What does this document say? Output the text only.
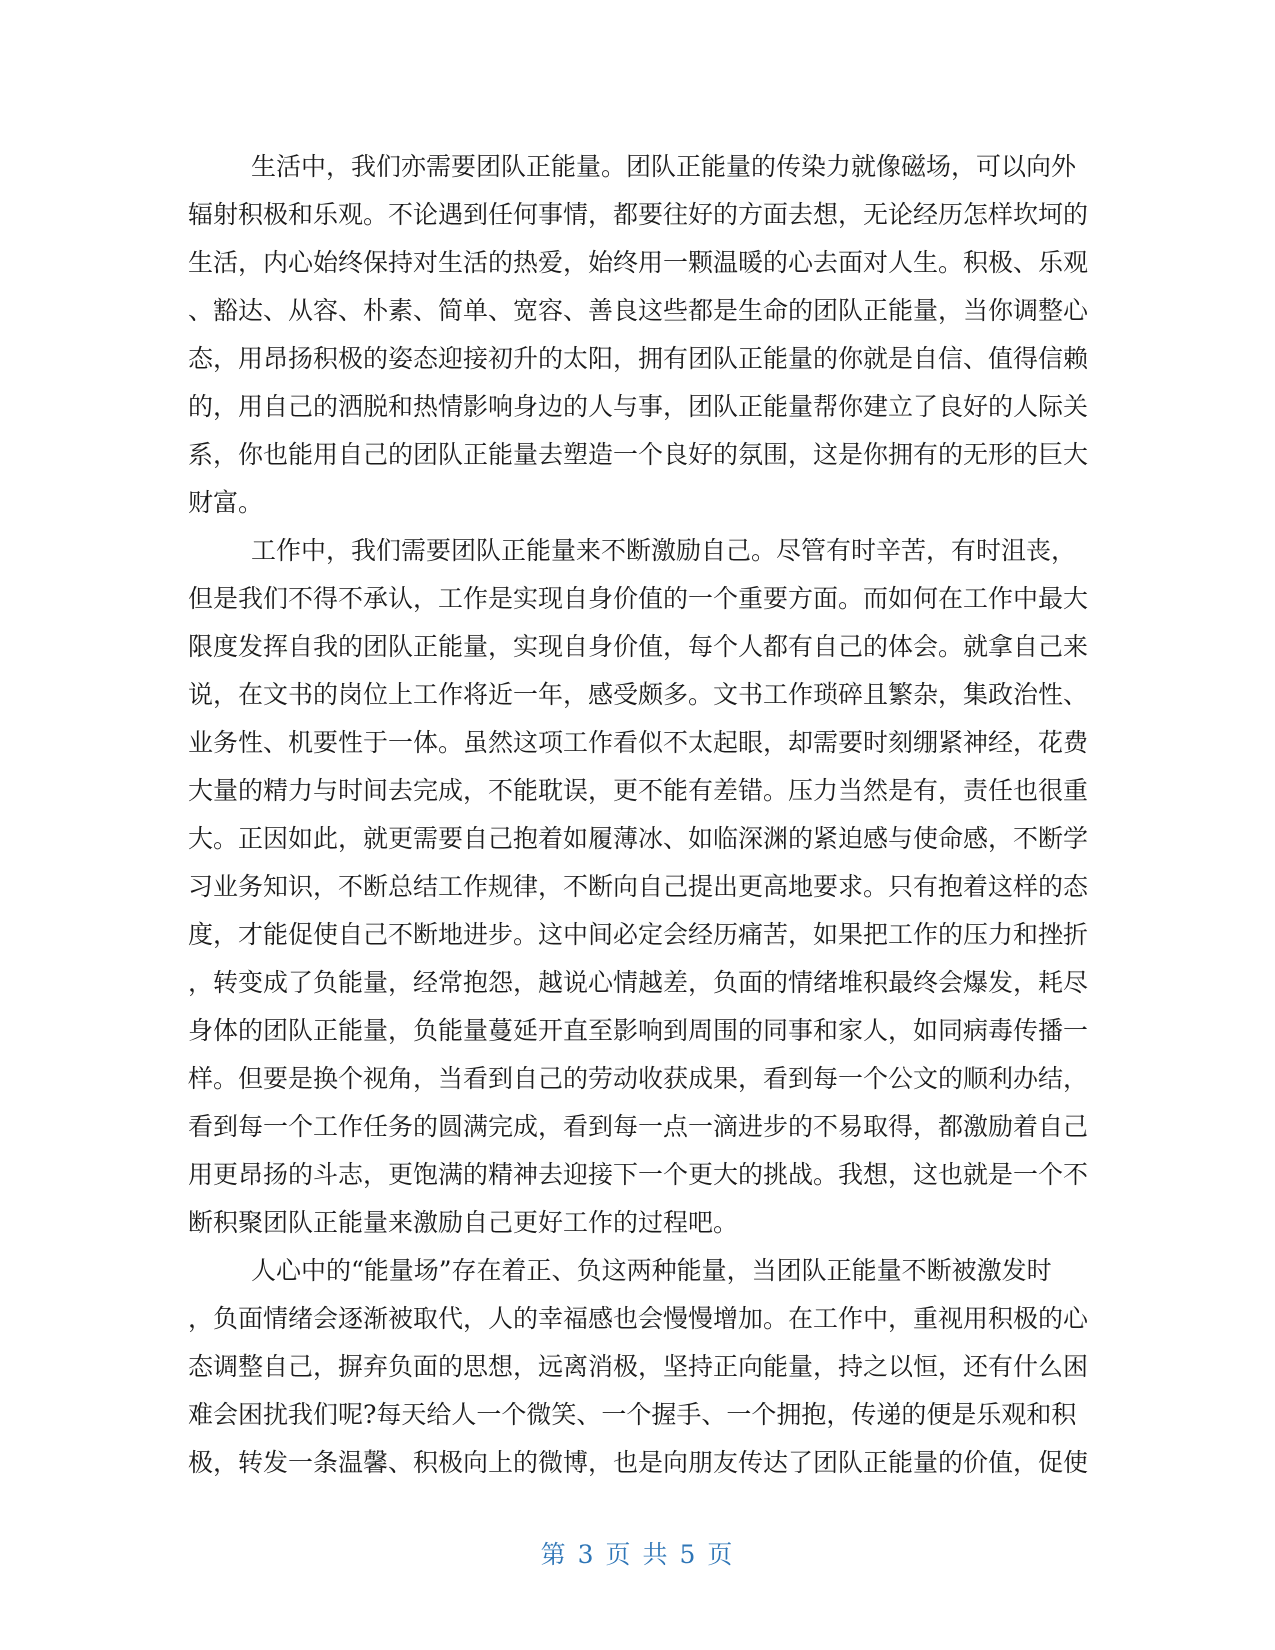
生活中，我们亦需要团队正能量。团队正能量的传染力就像磁场，可以向外
辐射积极和乐观。不论遇到任何事情，都要往好的方面去想，无论经历怎样坎坷的
生活，内心始终保持对生活的热爱，始终用一颗温暖的心去面对人生。积极、乐观
、豁达、从容、朴素、简单、宽容、善良这些都是生命的团队正能量，当你调整心
态，用昂扬积极的姿态迎接初升的太阳，拥有团队正能量的你就是自信、值得信赖
的，用自己的洒脱和热情影响身边的人与事，团队正能量帮你建立了良好的人际关
系，你也能用自己的团队正能量去塑造一个良好的氛围，这是你拥有的无形的巨大
财富。
工作中，我们需要团队正能量来不断激励自己。尽管有时辛苦，有时沮丧，
但是我们不得不承认，工作是实现自身价值的一个重要方面。而如何在工作中最大
限度发挥自我的团队正能量，实现自身价值，每个人都有自己的体会。就拿自己来
说，在文书的岗位上工作将近一年，感受颇多。文书工作琐碎且繁杂，集政治性、
业务性、机要性于一体。虽然这项工作看似不太起眼，却需要时刻绷紧神经，花费
大量的精力与时间去完成，不能耽误，更不能有差错。压力当然是有，责任也很重
大。正因如此，就更需要自己抱着如履薄冰、如临深渊的紧迫感与使命感，不断学
习业务知识，不断总结工作规律，不断向自己提出更高地要求。只有抱着这样的态
度，才能促使自己不断地进步。这中间必定会经历痛苦，如果把工作的压力和挫折
，转变成了负能量，经常抱怨，越说心情越差，负面的情绪堆积最终会爆发，耗尽
身体的团队正能量，负能量蔓延开直至影响到周围的同事和家人，如同病毒传播一
样。但要是换个视角，当看到自己的劳动收获成果，看到每一个公文的顺利办结，
看到每一个工作任务的圆满完成，看到每一点一滴进步的不易取得，都激励着自己
用更昂扬的斗志，更饱满的精神去迎接下一个更大的挑战。我想，这也就是一个不
断积聚团队正能量来激励自己更好工作的过程吧。
人心中的“能量场”存在着正、负这两种能量，当团队正能量不断被激发时
，负面情绪会逐渐被取代，人的幸福感也会慢慢增加。在工作中，重视用积极的心
态调整自己，摒弃负面的思想，远离消极，坚持正向能量，持之以恒，还有什么困
难会困扰我们呢?每天给人一个微笑、一个握手、一个拥抱，传递的便是乐观和积
极，转发一条温馨、积极向上的微博，也是向朋友传达了团队正能量的价值，促使
第 3 页 共 5 页
